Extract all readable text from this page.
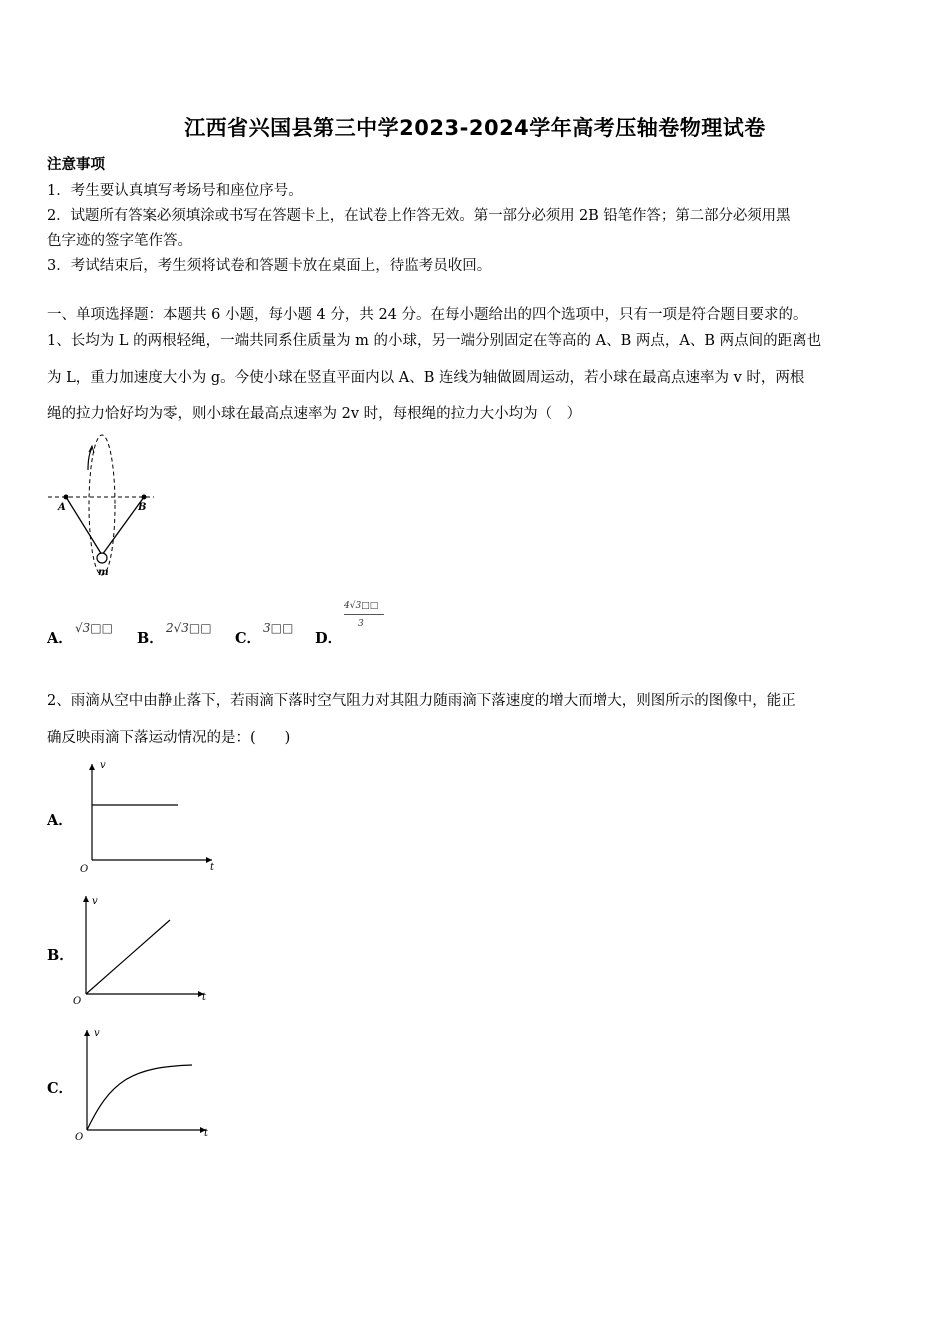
江西省兴国县第三中学2023-2024学年高考压轴卷物理试卷
注意事项
1．考生要认真填写考场号和座位序号。
2．试题所有答案必须填涂或书写在答题卡上，在试卷上作答无效。第一部分必须用 2B 铅笔作答；第二部分必须用黑
色字迹的签字笔作答。
3．考试结束后，考生须将试卷和答题卡放在桌面上，待监考员收回。
一、单项选择题：本题共 6 小题，每小题 4 分，共 24 分。在每小题给出的四个选项中，只有一项是符合题目要求的。
1、长均为 L 的两根轻绳，一端共同系住质量为 m 的小球，另一端分别固定在等高的 A、B 两点，A、B 两点间的距离也
为 L，重力加速度大小为 g。今使小球在竖直平面内以 A、B 连线为轴做圆周运动，若小球在最高点速率为 v 时，两根
绳的拉力恰好均为零，则小球在最高点速率为 2v 时，每根绳的拉力大小均为（　）
A	B
m
A．
√3□□
B．
2√3□□
C．
3□□
D．
4√3□□
3
2、雨滴从空中由静止落下，若雨滴下落时空气阻力对其阻力随雨滴下落速度的增大而增大，则图所示的图像中，能正
确反映雨滴下落运动情况的是：(　　)
A．
v
t
O
B．
v
t
O
C．
v
t
O
